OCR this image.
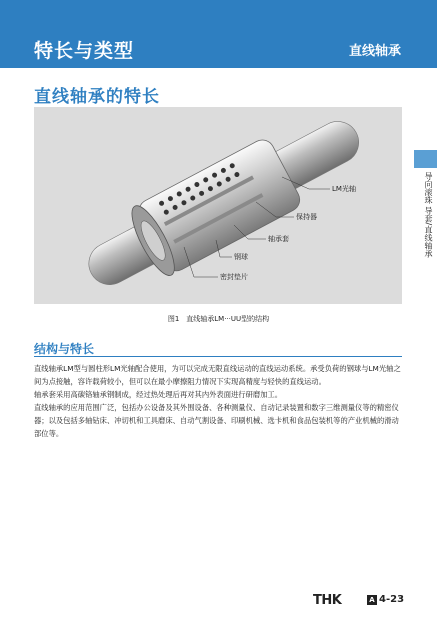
特长与类型	直线轴承
直线轴承的特长
导向滚珠 导套/直线轴承
LM光轴
保持器
轴承套
钢球
密封垫片
图1　直线轴承LM···UU型的结构
结构与特长

直线轴承LM型与圆柱形LM光轴配合使用，为可以完成无限直线运动的直线运动系统。承受负荷的钢球与LM光轴之间为点接触，容许载荷较小，但可以在最小摩擦阻力情况下实现高精度与轻快的直线运动。

轴承套采用高碳铬轴承钢制成，经过热处理后再对其内外表面进行研磨加工。

直线轴承的应用范围广泛，包括办公设备及其外围设备、各种测量仪、自动记录装置和数字三维测量仪等的精密仪器；以及包括多轴钻床、冲切机和工具磨床、自动气割设备、印刷机械、选卡机和食品包装机等的产业机械的滑动部位等。

THK	A 4-23
